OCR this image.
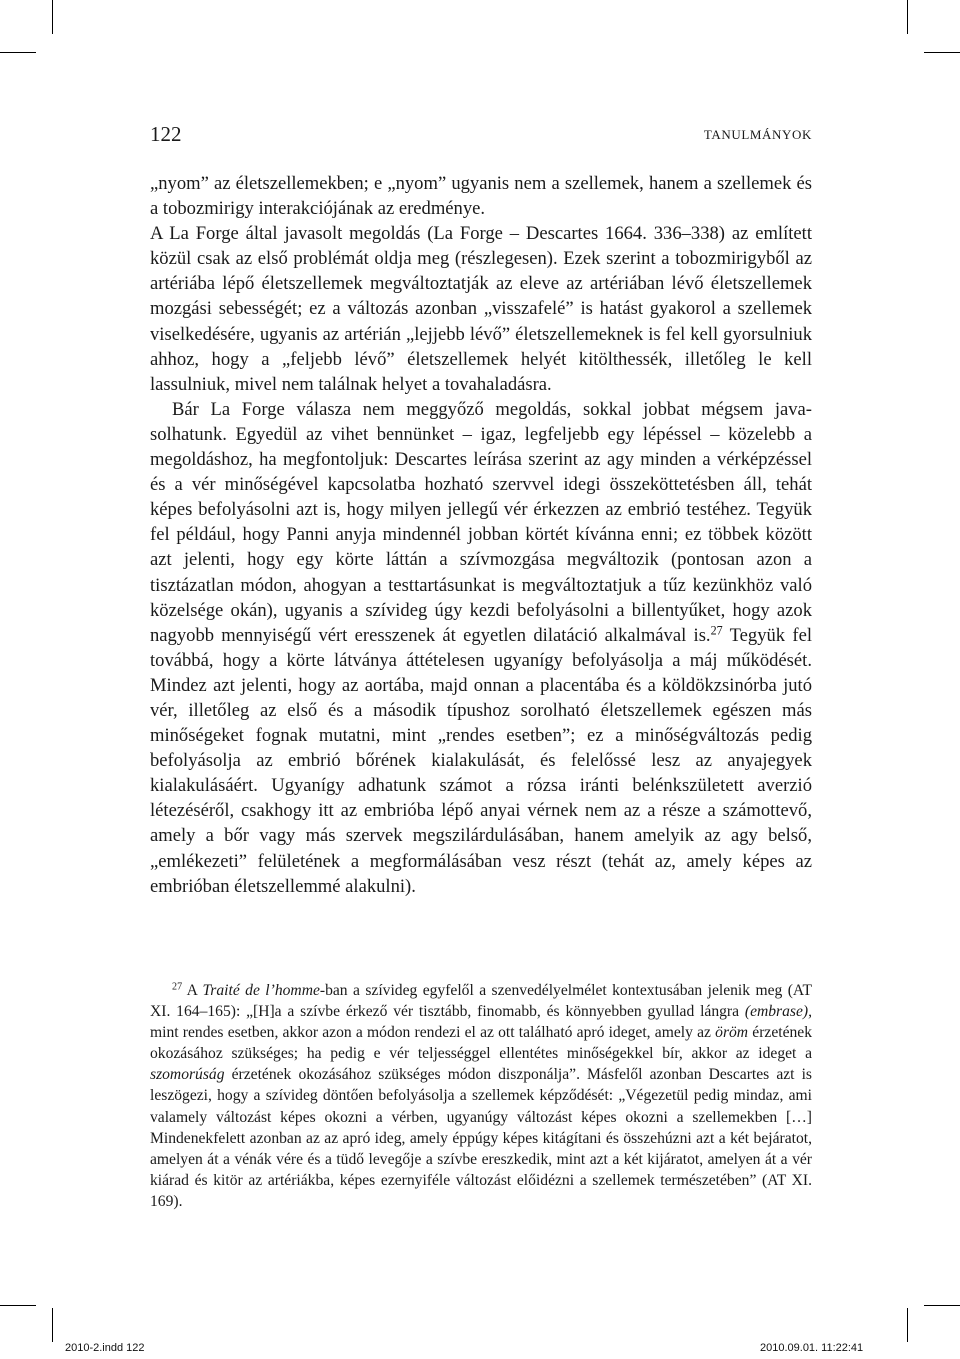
122	TANULMÁNYOK

„nyom” az életszellemekben; e „nyom” ugyanis nem a szellemek, hanem a szellemek és a tobozmirigy interakciójának az eredménye.

A La Forge által javasolt megoldás (La Forge – Descartes 1664. 336–338) az említett közül csak az első problémát oldja meg (részlegesen). Ezek szerint a tobozmirigyből az artériába lépő életszellemek megváltoztatják az eleve az artériában lévő életszellemek mozgási sebességét; ez a változás azonban „visszafelé” is hatást gyakorol a szellemek viselkedésére, ugyanis az artérián „lejjebb lévő” életszellemeknek is fel kell gyorsulniuk ahhoz, hogy a „feljebb lévő” életszellemek helyét kitölthessék, illetőleg le kell lassulniuk, mivel nem találnak helyet a tovahaladásra.

Bár La Forge válasza nem meggyőző megoldás, sokkal jobbat mégsem javasolhatunk. Egyedül az vihet bennünket – igaz, legfeljebb egy lépéssel – közelebb a megoldáshoz, ha megfontoljuk: Descartes leírása szerint az agy minden a vérképzéssel és a vér minőségével kapcsolatba hozható szervvel idegi összeköttetésben áll, tehát képes befolyásolni azt is, hogy milyen jellegű vér érkezzen az embrió testéhez. Tegyük fel például, hogy Panni anyja mindennél jobban körtét kívánna enni; ez többek között azt jelenti, hogy egy körte láttán a szívmozgása megváltozik (pontosan azon a tisztázatlan módon, ahogyan a testtartásunkat is megváltoztatjuk a tűz kezünkhöz való közelsége okán), ugyanis a szívideg úgy kezdi befolyásolni a billentyűket, hogy azok nagyobb mennyiségű vért eresszenek át egyetlen dilatáció alkalmával is.$^{27}$ Tegyük fel továbbá, hogy a körte látványa áttételesen ugyanígy befolyásolja a máj működését. Mindez azt jelenti, hogy az aortába, majd onnan a placentába és a köldökzsinórba jutó vér, illetőleg az első és a második típushoz sorolható életszellemek egészen más minőségeket fognak mutatni, mint „rendes esetben”; ez a minőségváltozás pedig befolyásolja az embrió bőrének kialakulását, és felelőssé lesz az anyajegyek kialakulásáért. Ugyanígy adhatunk számot a rózsa iránti belénkszületett averzió létezéséről, csakhogy itt az embrióba lépő anyai vérnek nem az a része a számottevő, amely a bőr vagy más szervek megszilárdulásában, hanem amelyik az agy belső, „emlékezeti” felületének a megformálásában vesz részt (tehát az, amely képes az embrióban életszellemmé alakulni).

$^{27}$ A Traité de l’homme-ban a szívideg egyfelől a szenvedélyelmélet kontextusában jelenik meg (AT XI. 164–165): „[H]a a szívbe érkező vér tisztább, finomabb, és könnyebben gyullad lángra (embrase), mint rendes esetben, akkor azon a módon rendezi el az ott található apró ideget, amely az öröm érzetének okozásához szükséges; ha pedig e vér teljességgel ellentétes minőségekkel bír, akkor az ideget a szomorúság érzetének okozásához szükséges módon diszponálja”. Másfelől azonban Descartes azt is leszögezi, hogy a szívideg döntően befolyásolja a szellemek képződését: „Végezetül pedig mindaz, ami valamely változást képes okozni a vérben, ugyanúgy változást képes okozni a szellemekben […] Mindenekfelett azonban az az apró ideg, amely éppúgy képes kitágítani és összehúzni azt a két bejáratot, amelyen át a vénák vére és a tüdő levegője a szívbe ereszkedik, mint azt a két kijáratot, amelyen át a vér kiárad és kitör az artériákba, képes ezernyiféle változást előidézni a szellemek természetében” (AT XI. 169).

2010-2.indd 122	2010.09.01. 11:22:41
